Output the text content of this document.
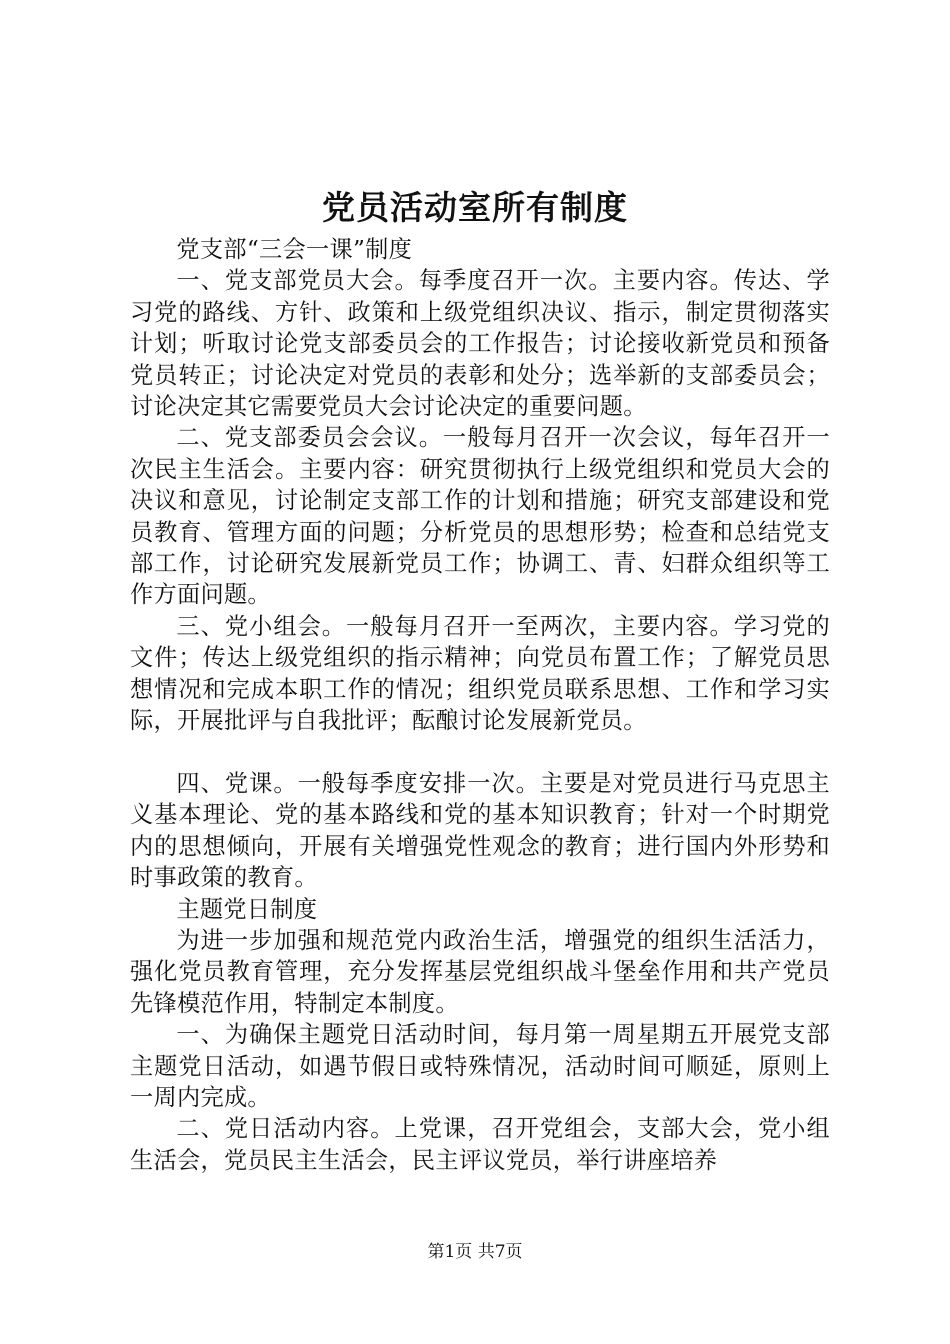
党员活动室所有制度

党支部“三会一课”制度

一、党支部党员大会。每季度召开一次。主要内容。传达、学习党的路线、方针、政策和上级党组织决议、指示，制定贯彻落实计划；听取讨论党支部委员会的工作报告；讨论接收新党员和预备党员转正；讨论决定对党员的表彰和处分；选举新的支部委员会；讨论决定其它需要党员大会讨论决定的重要问题。

二、党支部委员会会议。一般每月召开一次会议，每年召开一次民主生活会。主要内容：研究贯彻执行上级党组织和党员大会的决议和意见，讨论制定支部工作的计划和措施；研究支部建设和党员教育、管理方面的问题；分析党员的思想形势；检查和总结党支部工作，讨论研究发展新党员工作；协调工、青、妇群众组织等工作方面问题。

三、党小组会。一般每月召开一至两次，主要内容。学习党的文件；传达上级党组织的指示精神；向党员布置工作；了解党员思想情况和完成本职工作的情况；组织党员联系思想、工作和学习实际，开展批评与自我批评；酝酿讨论发展新党员。

四、党课。一般每季度安排一次。主要是对党员进行马克思主义基本理论、党的基本路线和党的基本知识教育；针对一个时期党内的思想倾向，开展有关增强党性观念的教育；进行国内外形势和时事政策的教育。

主题党日制度

为进一步加强和规范党内政治生活，增强党的组织生活活力，强化党员教育管理，充分发挥基层党组织战斗堡垒作用和共产党员先锋模范作用，特制定本制度。

一、为确保主题党日活动时间，每月第一周星期五开展党支部主题党日活动，如遇节假日或特殊情况，活动时间可顺延，原则上一周内完成。

二、党日活动内容。上党课，召开党组会，支部大会，党小组生活会，党员民主生活会，民主评议党员，举行讲座培养

第1页 共7页
